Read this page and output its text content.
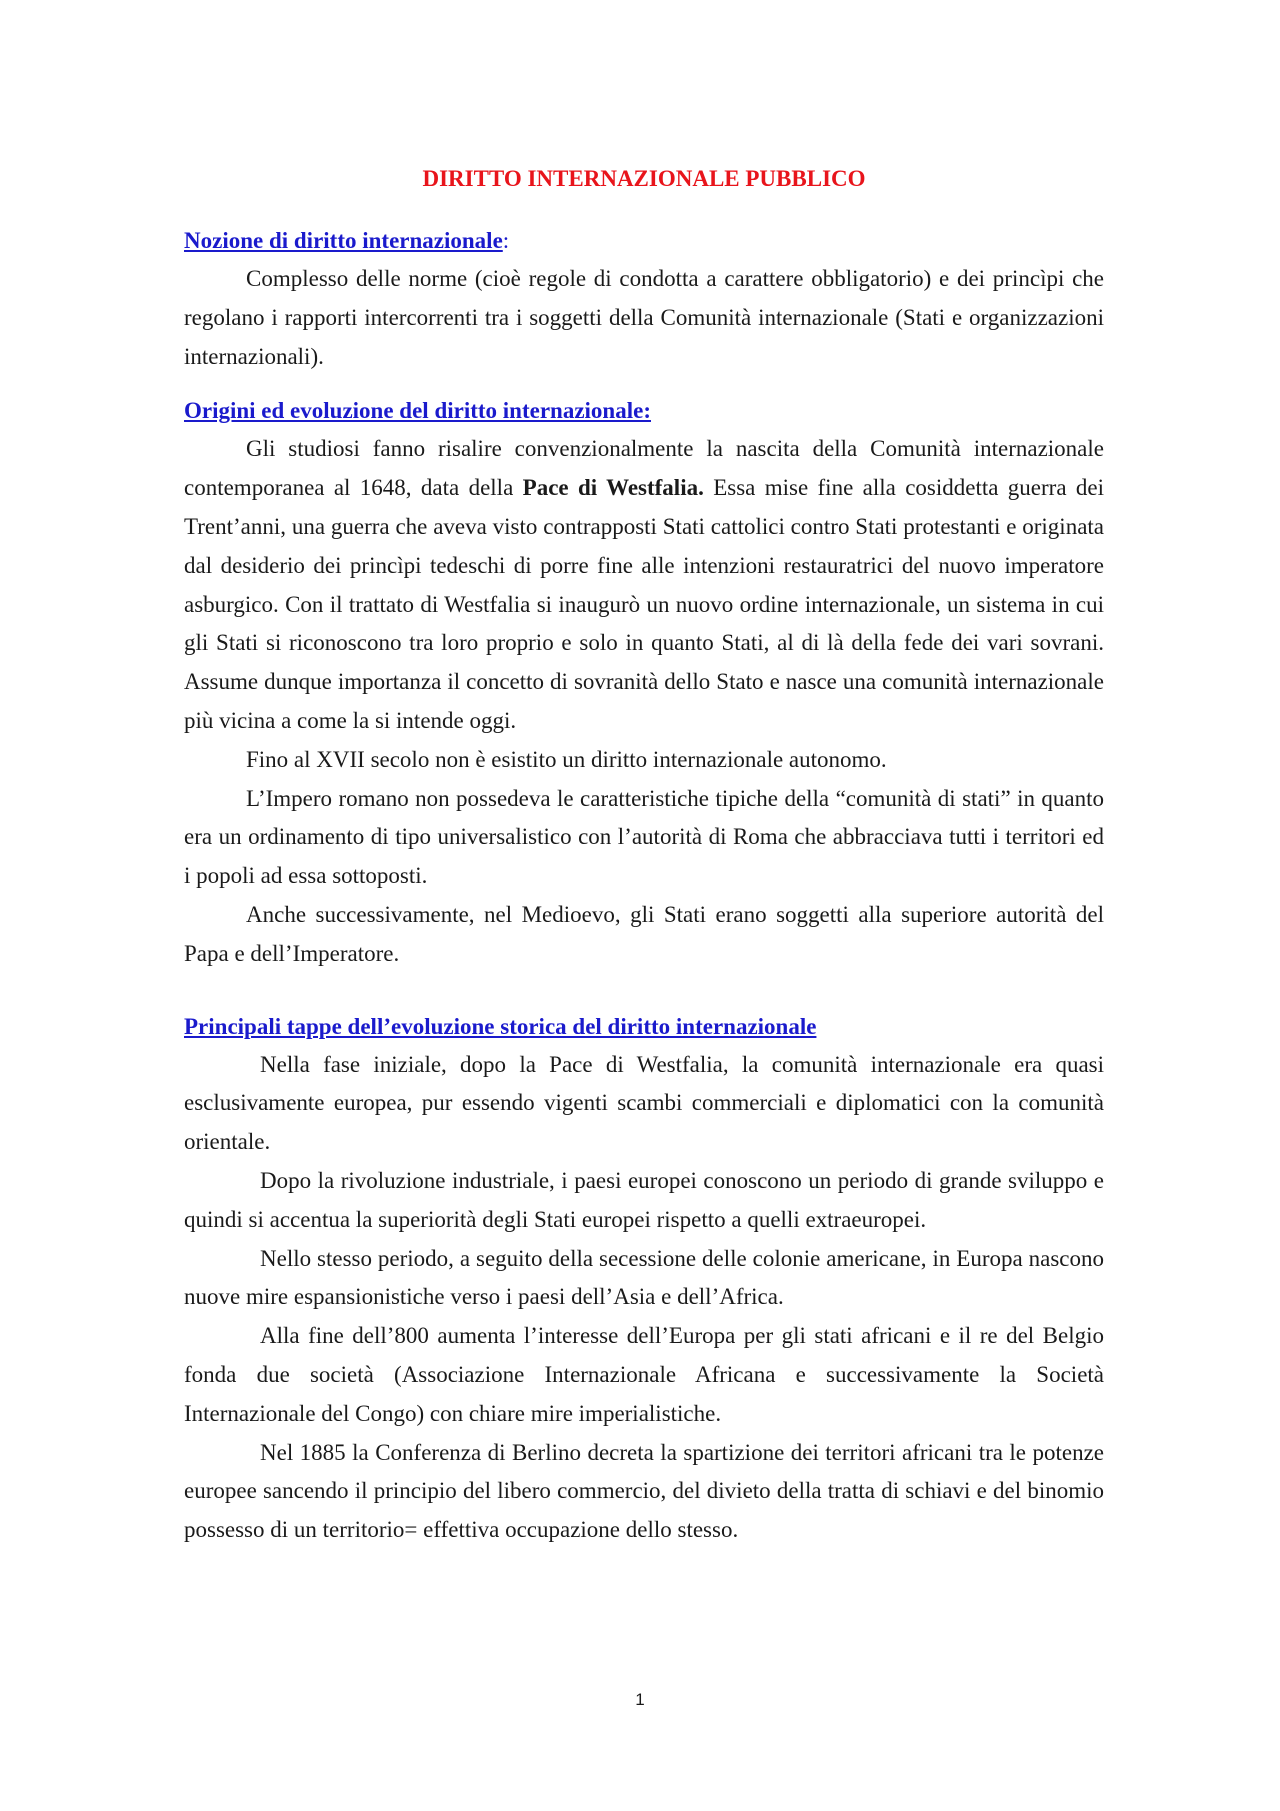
DIRITTO INTERNAZIONALE PUBBLICO
Nozione di diritto internazionale:

Complesso delle norme (cioè regole di condotta a carattere obbligatorio) e dei princìpi che regolano i rapporti intercorrenti tra i soggetti della Comunità internazionale (Stati e organizzazioni internazionali).

Origini ed evoluzione del diritto internazionale:

Gli studiosi fanno risalire convenzionalmente la nascita della Comunità internazionale contemporanea al 1648, data della Pace di Westfalia. Essa mise fine alla cosiddetta guerra dei Trent’anni, una guerra che aveva visto contrapposti Stati cattolici contro Stati protestanti e originata dal desiderio dei princìpi tedeschi di porre fine alle intenzioni restauratrici del nuovo imperatore asburgico. Con il trattato di Westfalia si inaugurò un nuovo ordine internazionale, un sistema in cui gli Stati si riconoscono tra loro proprio e solo in quanto Stati, al di là della fede dei vari sovrani. Assume dunque importanza il concetto di sovranità dello Stato e nasce una comunità internazionale più vicina a come la si intende oggi.

Fino al XVII secolo non è esistito un diritto internazionale autonomo.

L’Impero romano non possedeva le caratteristiche tipiche della “comunità di stati” in quanto era un ordinamento di tipo universalistico con l’autorità di Roma che abbracciava tutti i territori ed i popoli ad essa sottoposti.

Anche successivamente, nel Medioevo, gli Stati erano soggetti alla superiore autorità del Papa e dell’Imperatore.

Principali tappe dell’evoluzione storica del diritto internazionale

Nella fase iniziale, dopo la Pace di Westfalia, la comunità internazionale era quasi esclusivamente europea, pur essendo vigenti scambi commerciali e diplomatici con la comunità orientale.

Dopo la rivoluzione industriale, i paesi europei conoscono un periodo di grande sviluppo e quindi si accentua la superiorità degli Stati europei rispetto a quelli extraeuropei.

Nello stesso periodo, a seguito della secessione delle colonie americane, in Europa nascono nuove mire espansionistiche verso i paesi dell’Asia e dell’Africa.

Alla fine dell’800 aumenta l’interesse dell’Europa per gli stati africani e il re del Belgio fonda due società (Associazione Internazionale Africana e successivamente la Società Internazionale del Congo) con chiare mire imperialistiche.

Nel 1885 la Conferenza di Berlino decreta la spartizione dei territori africani tra le potenze europee sancendo il principio del libero commercio, del divieto della tratta di schiavi e del binomio possesso di un territorio= effettiva occupazione dello stesso.

1
